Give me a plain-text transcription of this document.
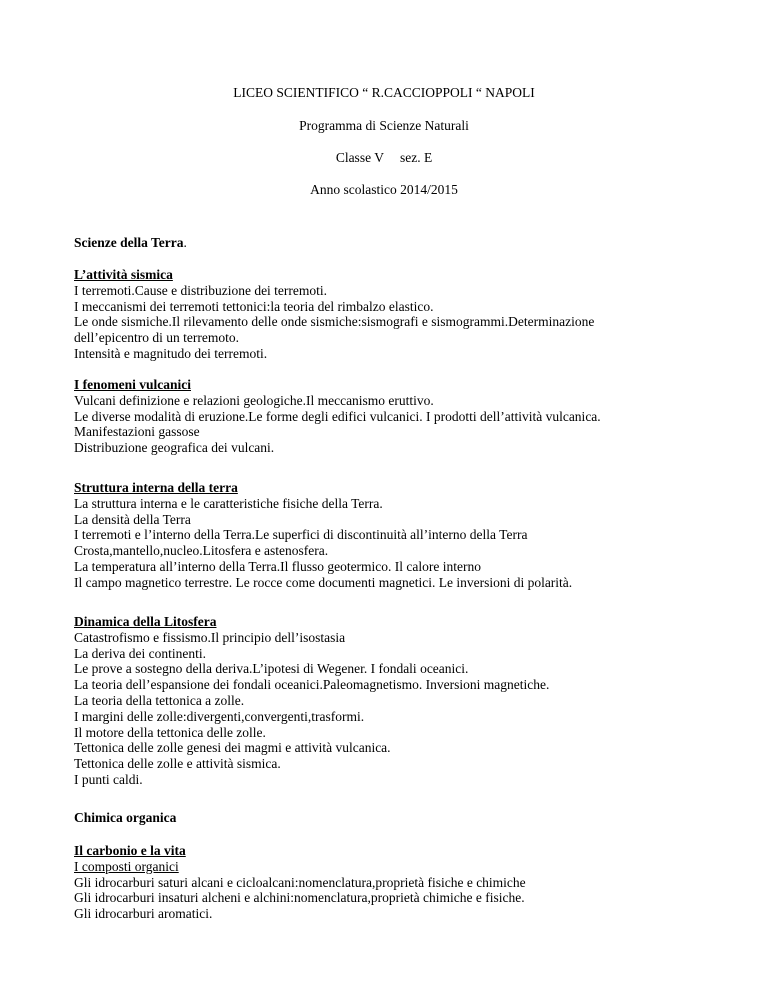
LICEO SCIENTIFICO “ R.CACCIOPPOLI “ NAPOLI
Programma di Scienze Naturali
Classe V sez. E
Anno scolastico 2014/2015
Scienze della Terra.
L’attività sismica
I terremoti.Cause e distribuzione dei terremoti.
I meccanismi dei terremoti tettonici:la teoria del rimbalzo elastico.
Le onde sismiche.Il rilevamento delle onde sismiche:sismografi e sismogrammi.Determinazione
dell’epicentro di un terremoto.
Intensità e magnitudo dei terremoti.
I fenomeni vulcanici
Vulcani definizione e relazioni geologiche.Il meccanismo eruttivo.
Le diverse modalità di eruzione.Le forme degli edifici vulcanici. I prodotti dell’attività vulcanica.
Manifestazioni gassose
Distribuzione geografica dei vulcani.
Struttura interna della terra
La struttura interna e le caratteristiche fisiche della Terra.
La densità della Terra
I terremoti e l’interno della Terra.Le superfici di discontinuità all’interno della Terra
Crosta,mantello,nucleo.Litosfera e astenosfera.
La temperatura all’interno della Terra.Il flusso geotermico. Il calore interno
Il campo magnetico terrestre. Le rocce come documenti magnetici. Le inversioni di polarità.
Dinamica della Litosfera
Catastrofismo e fissismo.Il principio dell’isostasia
La deriva dei continenti.
Le prove a sostegno della deriva.L’ipotesi di Wegener. I fondali oceanici.
La teoria dell’espansione dei fondali oceanici.Paleomagnetismo. Inversioni magnetiche.
La teoria della tettonica a zolle.
I margini delle zolle:divergenti,convergenti,trasformi.
Il motore della tettonica delle zolle.
Tettonica delle zolle genesi dei magmi e attività vulcanica.
Tettonica delle zolle e attività sismica.
I punti caldi.
Chimica organica
Il carbonio e la vita
I composti organici
Gli idrocarburi saturi alcani e cicloalcani:nomenclatura,proprietà fisiche e chimiche
Gli idrocarburi insaturi alcheni e alchini:nomenclatura,proprietà chimiche e fisiche.
Gli idrocarburi aromatici.
